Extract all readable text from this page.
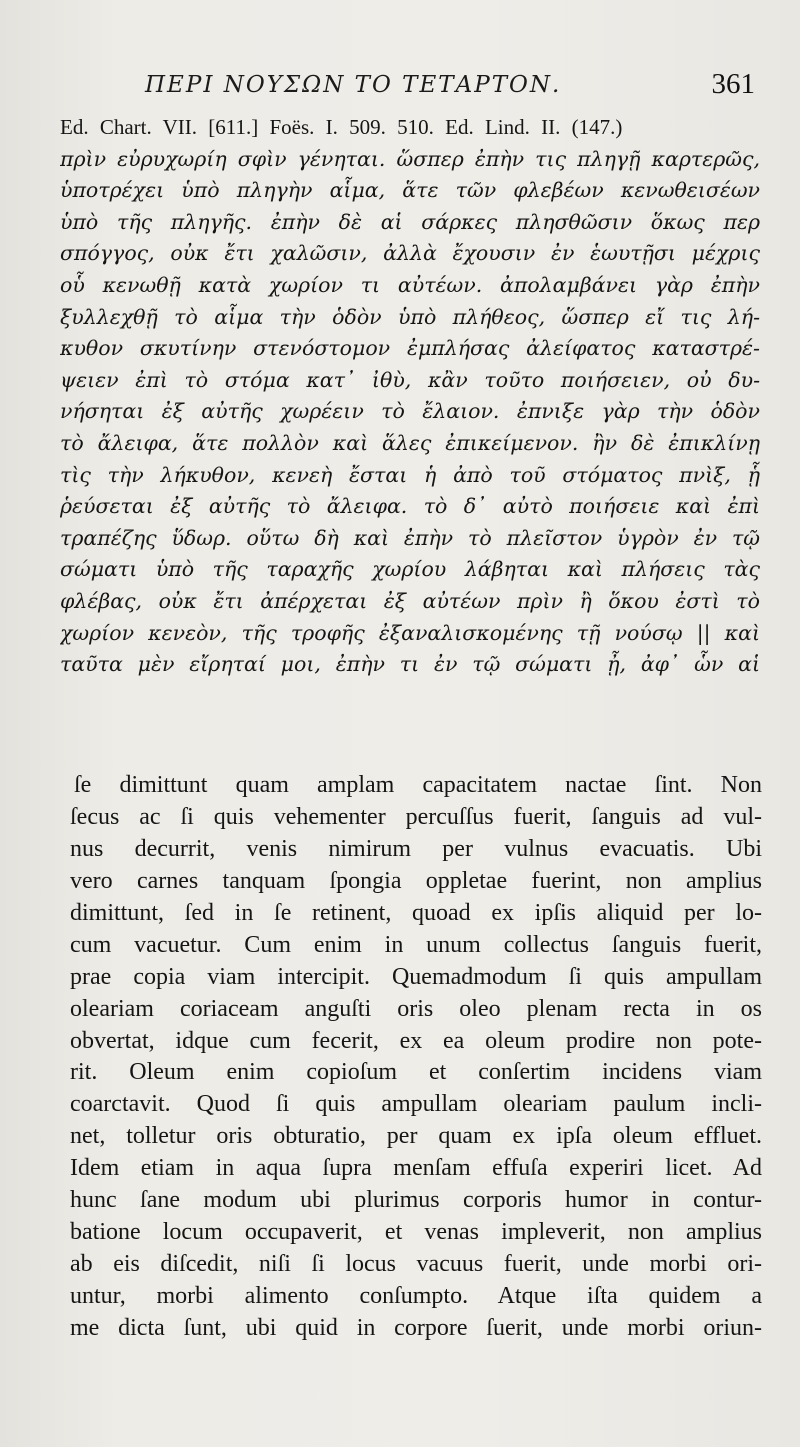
ΠΕΡΙ ΝΟΥΣΩΝ ΤΟ ΤΕΤΑΡΤΟΝ.	361
Ed. Chart. VII. [611.] Foës. I. 509. 510. Ed. Lind. II. (147.)
πρὶν εὐρυχωρίη σφὶν γένηται. ὥσπερ ἐπὴν τις πληγῇ καρτερῶς,
ὑποτρέχει ὑπὸ πληγὴν αἷμα, ἅτε τῶν φλεβέων κενωθεισέων
ὑπὸ τῆς πληγῆς. ἐπὴν δὲ αἱ σάρκες πλησθῶσιν ὅκως περ
σπόγγος, οὐκ ἔτι χαλῶσιν, ἀλλὰ ἔχουσιν ἐν ἑωυτῇσι μέχρις
οὗ κενωθῇ κατὰ χωρίον τι αὐτέων. ἀπολαμβάνει γὰρ ἐπὴν
ξυλλεχθῇ τὸ αἷμα τὴν ὁδὸν ὑπὸ πλήθεος, ὥσπερ εἴ τις λή-
κυθον σκυτίνην στενόστομον ἐμπλήσας ἀλείφατος καταστρέ-
ψειεν ἐπὶ τὸ στόμα κατ᾽ ἰθὺ, κἂν τοῦτο ποιήσειεν, οὐ δυ-
νήσηται ἐξ αὐτῆς χωρέειν τὸ ἔλαιον. ἐπνιξε γὰρ τὴν ὁδὸν
τὸ ἄλειφα, ἅτε πολλὸν καὶ ἅλες ἐπικείμενον. ἢν δὲ ἐπικλίνῃ
τὶς τὴν λήκυθον, κενεὴ ἔσται ἡ ἀπὸ τοῦ στόματος πνὶξ, ᾗ
ῥεύσεται ἐξ αὐτῆς τὸ ἄλειφα. τὸ δ᾽ αὐτὸ ποιήσειε καὶ ἐπὶ
τραπέζης ὕδωρ. οὕτω δὴ καὶ ἐπὴν τὸ πλεῖστον ὑγρὸν ἐν τῷ
σώματι ὑπὸ τῆς ταραχῆς χωρίου λάβηται καὶ πλήσεις τὰς
φλέβας, οὐκ ἔτι ἀπέρχεται ἐξ αὐτέων πρὶν ἢ ὅκου ἐστὶ τὸ
χωρίον κενεὸν, τῆς τροφῆς ἐξαναλισκομένης τῇ νούσῳ || καὶ
ταῦτα μὲν εἴρηταί μοι, ἐπὴν τι ἐν τῷ σώματι ᾖ, ἀφ᾽ ὧν αἱ
ſe dimittunt quam amplam capacitatem nactae ſint. Non
ſecus ac ſi quis vehementer percuſſus fuerit, ſanguis ad vul-
nus decurrit, venis nimirum per vulnus evacuatis. Ubi
vero carnes tanquam ſpongia oppletae fuerint, non amplius
dimittunt, ſed in ſe retinent, quoad ex ipſis aliquid per lo-
cum vacuetur. Cum enim in unum collectus ſanguis fuerit,
prae copia viam intercipit. Quemadmodum ſi quis ampullam
oleariam coriaceam anguſti oris oleo plenam recta in os
obvertat, idque cum fecerit, ex ea oleum prodire non pote-
rit. Oleum enim copioſum et conſertim incidens viam
coarctavit. Quod ſi quis ampullam oleariam paulum incli-
net, tolletur oris obturatio, per quam ex ipſa oleum effluet.
Idem etiam in aqua ſupra menſam effuſa experiri licet. Ad
hunc ſane modum ubi plurimus corporis humor in contur-
batione locum occupaverit, et venas impleverit, non amplius
ab eis diſcedit, niſi ſi locus vacuus fuerit, unde morbi ori-
untur, morbi alimento conſumpto. Atque iſta quidem a
me dicta ſunt, ubi quid in corpore ſuerit, unde morbi oriun-
